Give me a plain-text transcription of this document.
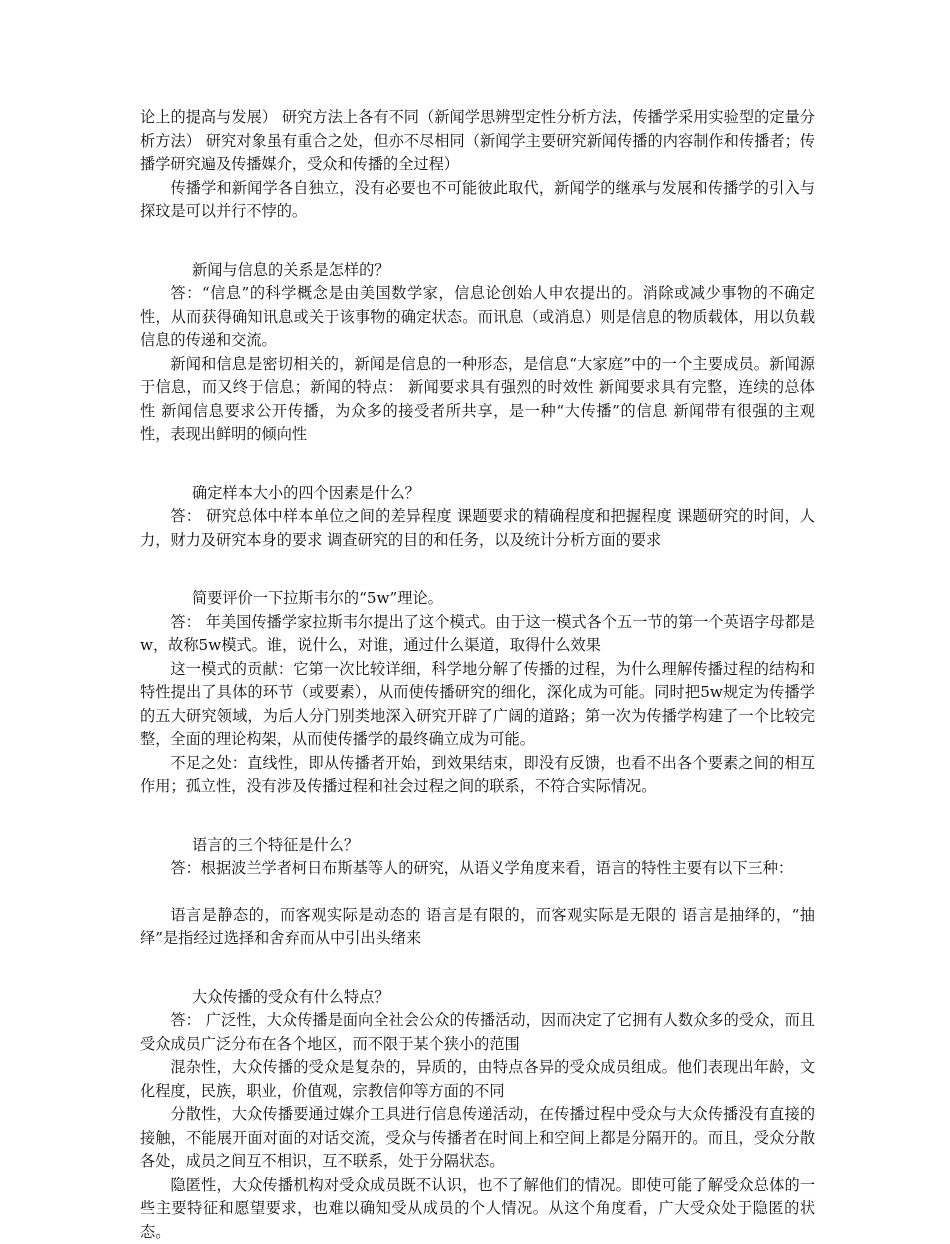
论上的提高与发展） 研究方法上各有不同（新闻学思辨型定性分析方法，传播学采用实验型的定量分析方法） 研究对象虽有重合之处，但亦不尽相同（新闻学主要研究新闻传播的内容制作和传播者；传播学研究遍及传播媒介，受众和传播的全过程）

传播学和新闻学各自独立，没有必要也不可能彼此取代，新闻学的继承与发展和传播学的引入与探玟是可以并行不悖的。

新闻与信息的关系是怎样的？

答：“信息”的科学概念是由美国数学家，信息论创始人申农提出的。消除或减少事物的不确定性，从而获得确知讯息或关于该事物的确定状态。而讯息（或消息）则是信息的物质载体，用以负载信息的传递和交流。

新闻和信息是密切相关的，新闻是信息的一种形态，是信息“大家庭”中的一个主要成员。新闻源于信息，而又终于信息；新闻的特点： 新闻要求具有强烈的时效性 新闻要求具有完整，连续的总体性 新闻信息要求公开传播，为众多的接受者所共享，是一种“大传播”的信息 新闻带有很强的主观性，表现出鲜明的倾向性

确定样本大小的四个因素是什么？

答： 研究总体中样本单位之间的差异程度 课题要求的精确程度和把握程度 课题研究的时间，人力，财力及研究本身的要求 调查研究的目的和任务，以及统计分析方面的要求

简要评价一下拉斯韦尔的“5w”理论。

答： 年美国传播学家拉斯韦尔提出了这个模式。由于这一模式各个五一节的第一个英语字母都是w，故称5w模式。谁，说什么，对谁，通过什么渠道，取得什么效果

这一模式的贡献：它第一次比较详细，科学地分解了传播的过程，为什么理解传播过程的结构和特性提出了具体的环节（或要素），从而使传播研究的细化，深化成为可能。同时把5w规定为传播学的五大研究领域，为后人分门别类地深入研究开辟了广阔的道路；第一次为传播学构建了一个比较完整，全面的理论构架，从而使传播学的最终确立成为可能。

不足之处：直线性，即从传播者开始，到效果结束，即没有反馈，也看不出各个要素之间的相互作用；孤立性，没有涉及传播过程和社会过程之间的联系，不符合实际情况。

语言的三个特征是什么？

答：根据波兰学者柯日布斯基等人的研究，从语义学角度来看，语言的特性主要有以下三种：

语言是静态的，而客观实际是动态的 语言是有限的，而客观实际是无限的 语言是抽绎的，“抽绎”是指经过选择和舍弃而从中引出头绪来

大众传播的受众有什么特点？

答： 广泛性，大众传播是面向全社会公众的传播活动，因而决定了它拥有人数众多的受众，而且受众成员广泛分布在各个地区，而不限于某个狭小的范围

混杂性，大众传播的受众是复杂的，异质的，由特点各异的受众成员组成。他们表现出年龄，文化程度，民族，职业，价值观，宗教信仰等方面的不同

分散性，大众传播要通过媒介工具进行信息传递活动，在传播过程中受众与大众传播没有直接的接触，不能展开面对面的对话交流，受众与传播者在时间上和空间上都是分隔开的。而且，受众分散各处，成员之间互不相识，互不联系，处于分隔状态。

隐匿性，大众传播机构对受众成员既不认识，也不了解他们的情况。即使可能了解受众总体的一些主要特征和愿望要求，也难以确知受从成员的个人情况。从这个角度看，广大受众处于隐匿的状态。
